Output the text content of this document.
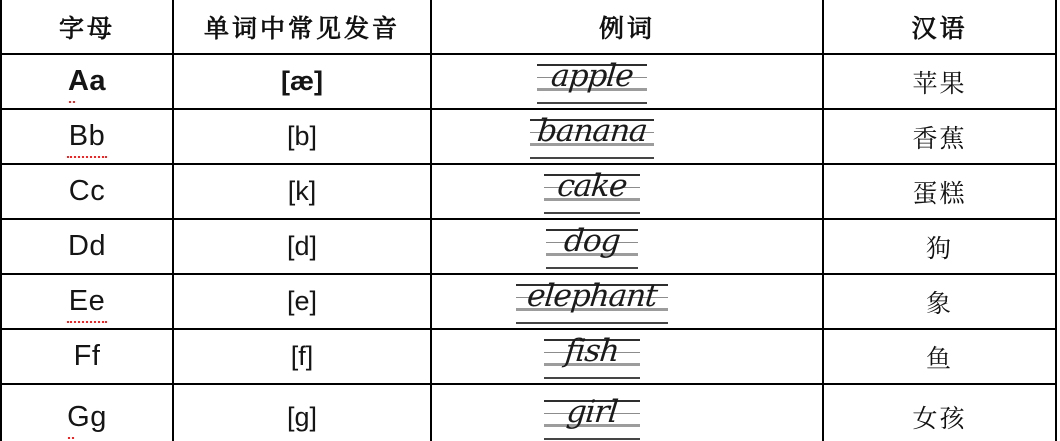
字母	单词中常见发音	例词	汉语
Aa	[æ]	apple	苹果
Bb	[b]	banana	香蕉
Cc	[k]	cake	蛋糕
Dd	[d]	dog	狗
Ee	[e]	elephant	象
Ff	[f]	fish	鱼
Gg	[g]	girl	女孩
